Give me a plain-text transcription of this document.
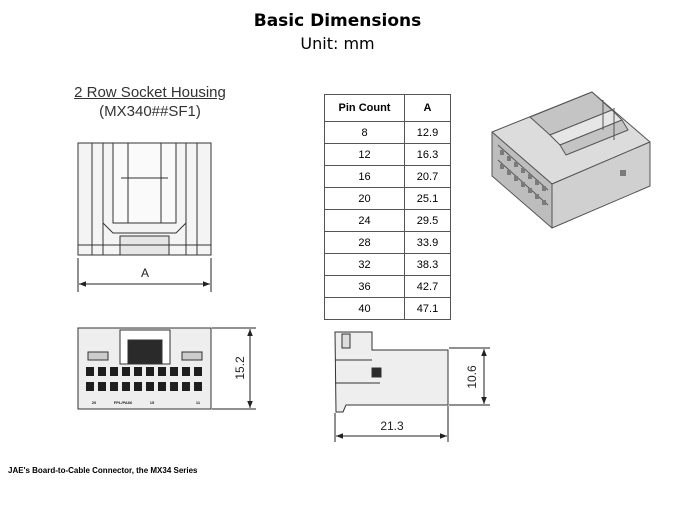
Basic Dimensions
Unit: mm
2 Row Socket Housing
(MX340##SF1)	Pin Count	A
8	12.9
12	16.3
16	20.7
20	25.1
24	29.5
28	33.9
32	38.3
36	42.7
40	47.1
A
20	FPL/PA66	15	11
15.2	10.6
21.3
JAE's Board-to-Cable Connector, the MX34 Series
